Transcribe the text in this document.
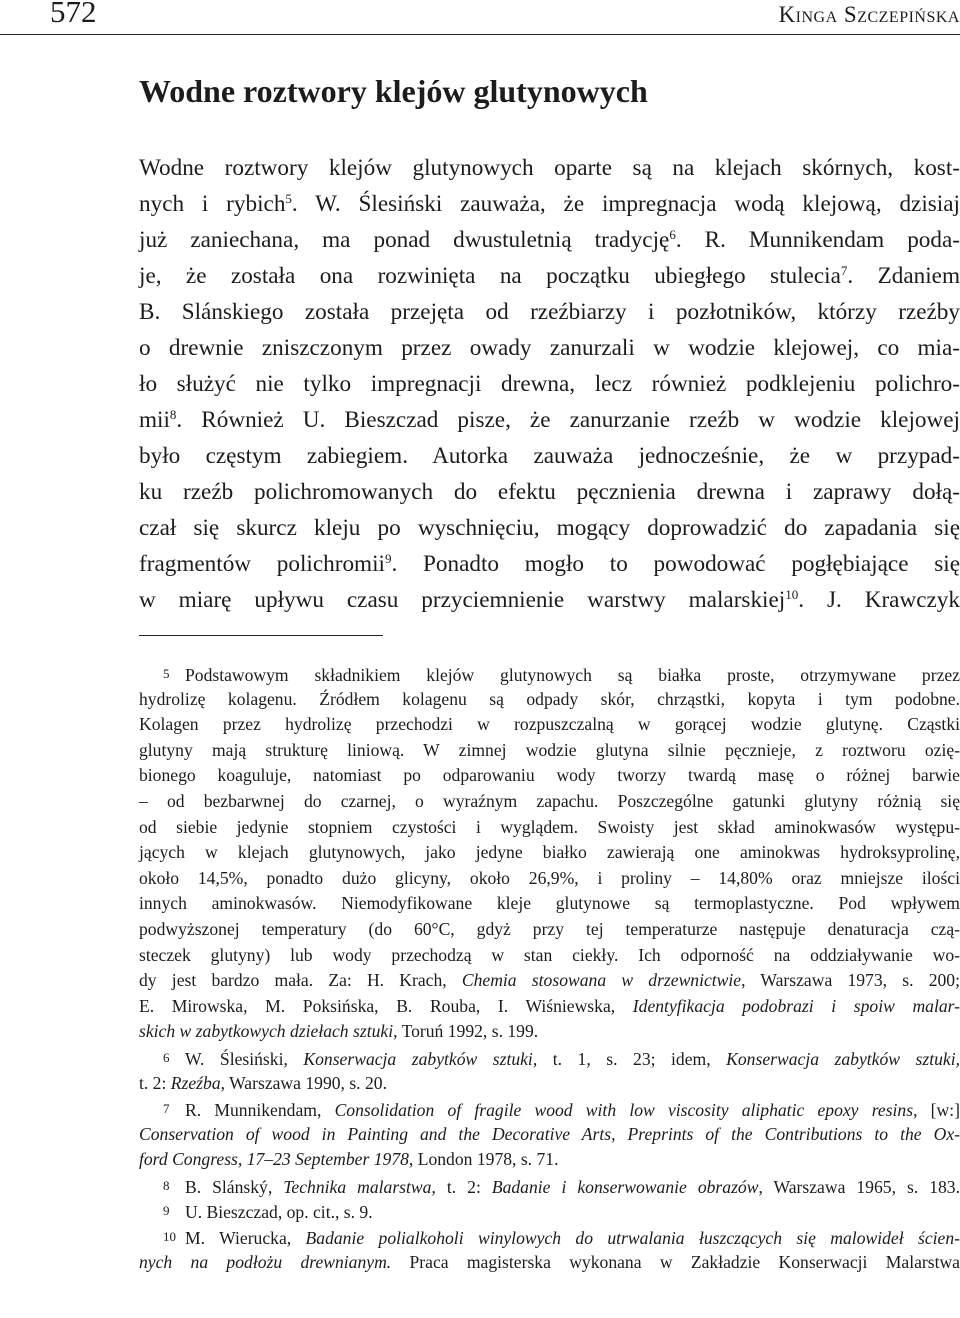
572	Kinga Szczepińska
Wodne roztwory klejów glutynowych
Wodne roztwory klejów glutynowych oparte są na klejach skórnych, kost-
nych i rybich$^5$. W. Ślesiński zauważa, że impregnacja wodą klejową, dzisiaj
już zaniechana, ma ponad dwustuletnią tradycję$^6$. R. Munnikendam poda-
je, że została ona rozwinięta na początku ubiegłego stulecia$^7$. Zdaniem
B. Slánskiego została przejęta od rzeźbiarzy i pozłotników, którzy rzeźby
o drewnie zniszczonym przez owady zanurzali w wodzie klejowej, co mia-
ło służyć nie tylko impregnacji drewna, lecz również podklejeniu polichro-
mii$^8$. Również U. Bieszczad pisze, że zanurzanie rzeźb w wodzie klejowej
było częstym zabiegiem. Autorka zauważa jednocześnie, że w przypad-
ku rzeźb polichromowanych do efektu pęcznienia drewna i zaprawy dołą-
czał się skurcz kleju po wyschnięciu, mogący doprowadzić do zapadania się
fragmentów polichromii$^9$. Ponadto mogło to powodować pogłębiające się
w miarę upływu czasu przyciemnienie warstwy malarskiej$^{10}$. J. Krawczyk
5 Podstawowym składnikiem klejów glutynowych są białka proste, otrzymywane przez
hydrolizę kolagenu. Źródłem kolagenu są odpady skór, chrząstki, kopyta i tym podobne.
Kolagen przez hydrolizę przechodzi w rozpuszczalną w gorącej wodzie glutynę. Cząstki
glutyny mają strukturę liniową. W zimnej wodzie glutyna silnie pęcznieje, z roztworu ozię-
bionego koaguluje, natomiast po odparowaniu wody tworzy twardą masę o różnej barwie
– od bezbarwnej do czarnej, o wyraźnym zapachu. Poszczególne gatunki glutyny różnią się
od siebie jedynie stopniem czystości i wyglądem. Swoisty jest skład aminokwasów występu-
jących w klejach glutynowych, jako jedyne białko zawierają one aminokwas hydroksyprolinę,
około 14,5%, ponadto dużo glicyny, około 26,9%, i proliny – 14,80% oraz mniejsze ilości
innych aminokwasów. Niemodyfikowane kleje glutynowe są termoplastyczne. Pod wpływem
podwyższonej temperatury (do 60°C, gdyż przy tej temperaturze następuje denaturacja czą-
steczek glutyny) lub wody przechodzą w stan ciekły. Ich odporność na oddziaływanie wo-
dy jest bardzo mała. Za: H. Krach, Chemia stosowana w drzewnictwie, Warszawa 1973, s. 200;
E. Mirowska, M. Poksińska, B. Rouba, I. Wiśniewska, Identyfikacja podobrazi i spoiw malar-
skich w zabytkowych dziełach sztuki, Toruń 1992, s. 199.
6 W. Ślesiński, Konserwacja zabytków sztuki, t. 1, s. 23; idem, Konserwacja zabytków sztuki,
t. 2: Rzeźba, Warszawa 1990, s. 20.
7 R. Munnikendam, Consolidation of fragile wood with low viscosity aliphatic epoxy resins, [w:]
Conservation of wood in Painting and the Decorative Arts, Preprints of the Contributions to the Ox-
ford Congress, 17–23 September 1978, London 1978, s. 71.
8 B. Slánský, Technika malarstwa, t. 2: Badanie i konserwowanie obrazów, Warszawa 1965, s. 183.
9 U. Bieszczad, op. cit., s. 9.
10 M. Wierucka, Badanie polialkoholi winylowych do utrwalania łuszczących się malowideł ścien-
nych na podłożu drewnianym. Praca magisterska wykonana w Zakładzie Konserwacji Malarstwa
